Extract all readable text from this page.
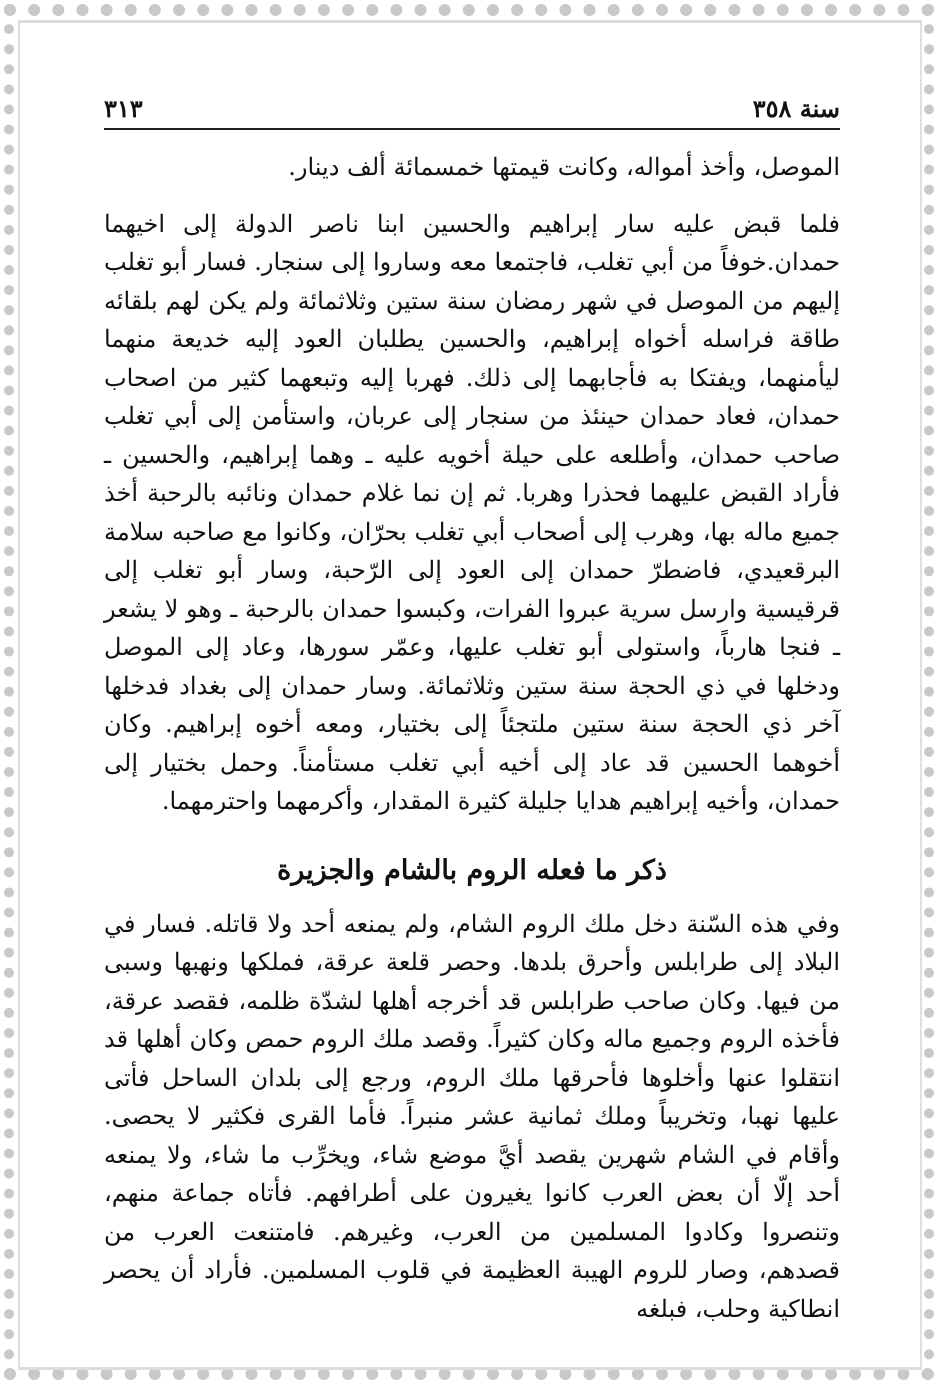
سنة ٣٥٨
٣١٣

الموصل، وأخذ أمواله، وكانت قيمتها خمسمائة ألف دينار.

فلما قبض عليه سار إبراهيم والحسين ابنا ناصر الدولة إلى اخيهما حمدان.خوفاً من أبي تغلب، فاجتمعا معه وساروا إلى سنجار. فسار أبو تغلب إليهم من الموصل في شهر رمضان سنة ستين وثلاثمائة ولم يكن لهم بلقائه طاقة فراسله أخواه إبراهيم، والحسين يطلبان العود إليه خديعة منهما ليأمنهما، ويفتكا به فأجابهما إلى ذلك. فهربا إليه وتبعهما كثير من اصحاب حمدان، فعاد حمدان حينئذ من سنجار إلى عربان، واستأمن إلى أبي تغلب صاحب حمدان، وأطلعه على حيلة أخويه عليه ـ وهما إبراهيم، والحسين ـ فأراد القبض عليهما فحذرا وهربا. ثم إن نما غلام حمدان ونائبه بالرحبة أخذ جميع ماله بها، وهرب إلى أصحاب أبي تغلب بحرّان، وكانوا مع صاحبه سلامة البرقعيدي، فاضطرّ حمدان إلى العود إلى الرّحبة، وسار أبو تغلب إلى قرقيسية وارسل سرية عبروا الفرات، وكبسوا حمدان بالرحبة ـ وهو لا يشعر ـ فنجا هارباً، واستولى أبو تغلب عليها، وعمّر سورها، وعاد إلى الموصل ودخلها في ذي الحجة سنة ستين وثلاثمائة. وسار حمدان إلى بغداد فدخلها آخر ذي الحجة سنة ستين ملتجئاً إلى بختيار، ومعه أخوه إبراهيم. وكان أخوهما الحسين قد عاد إلى أخيه أبي تغلب مستأمناً. وحمل بختيار إلى حمدان، وأخيه إبراهيم هدايا جليلة كثيرة المقدار، وأكرمهما واحترمهما.

ذكر ما فعله الروم بالشام والجزيرة

وفي هذه السّنة دخل ملك الروم الشام، ولم يمنعه أحد ولا قاتله. فسار في البلاد إلى طرابلس وأحرق بلدها. وحصر قلعة عرقة، فملكها ونهبها وسبى من فيها. وكان صاحب طرابلس قد أخرجه أهلها لشدّة ظلمه، فقصد عرقة، فأخذه الروم وجميع ماله وكان كثيراً. وقصد ملك الروم حمص وكان أهلها قد انتقلوا عنها وأخلوها فأحرقها ملك الروم، ورجع إلى بلدان الساحل فأتى عليها نهبا، وتخريباً وملك ثمانية عشر منبراً. فأما القرى فكثير لا يحصى. وأقام في الشام شهرين يقصد أيَّ موضع شاء، ويخرِّب ما شاء، ولا يمنعه أحد إلّا أن بعض العرب كانوا يغيرون على أطرافهم. فأتاه جماعة منهم، وتنصروا وكادوا المسلمين من العرب، وغيرهم. فامتنعت العرب من قصدهم، وصار للروم الهيبة العظيمة في قلوب المسلمين. فأراد أن يحصر انطاكية وحلب، فبلغه
